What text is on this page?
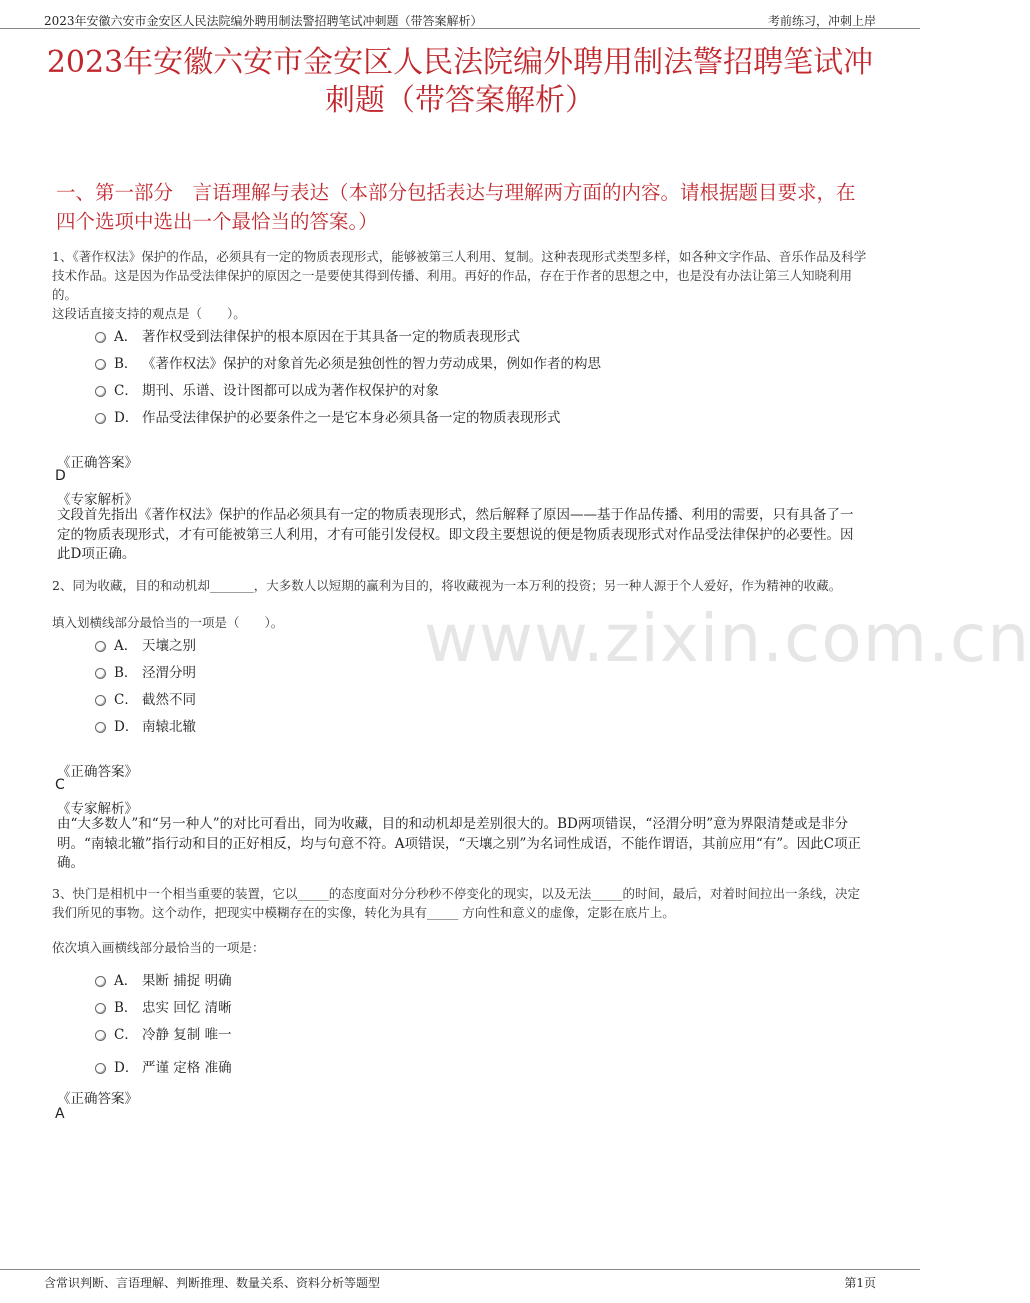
2023年安徽六安市金安区人民法院编外聘用制法警招聘笔试冲刺题（带答案解析）	考前练习，冲刺上岸
2023年安徽六安市金安区人民法院编外聘用制法警招聘笔试冲刺题（带答案解析）
一、第一部分　言语理解与表达（本部分包括表达与理解两方面的内容。请根据题目要求，在四个选项中选出一个最恰当的答案。）
1、《著作权法》保护的作品，必须具有一定的物质表现形式，能够被第三人利用、复制。这种表现形式类型多样，如各种文字作品、音乐作品及科学技术作品。这是因为作品受法律保护的原因之一是要使其得到传播、利用。再好的作品，存在于作者的思想之中，也是没有办法让第三人知晓利用的。
这段话直接支持的观点是（　　）。
A． 著作权受到法律保护的根本原因在于其具备一定的物质表现形式
B． 《著作权法》保护的对象首先必须是独创性的智力劳动成果，例如作者的构思
C． 期刊、乐谱、设计图都可以成为著作权保护的对象
D． 作品受法律保护的必要条件之一是它本身必须具备一定的物质表现形式
《正确答案》
D
《专家解析》
文段首先指出《著作权法》保护的作品必须具有一定的物质表现形式，然后解释了原因——基于作品传播、利用的需要，只有具备了一定的物质表现形式，才有可能被第三人利用，才有可能引发侵权。即文段主要想说的便是物质表现形式对作品受法律保护的必要性。因此D项正确。
2、同为收藏，目的和动机却_______，大多数人以短期的赢利为目的，将收藏视为一本万利的投资；另一种人源于个人爱好，作为精神的收藏。
填入划横线部分最恰当的一项是（　　）。	www.zixin.com.cn
A． 天壤之别
B． 泾渭分明
C． 截然不同
D． 南辕北辙
《正确答案》
C
《专家解析》
由“大多数人”和“另一种人”的对比可看出，同为收藏，目的和动机却是差别很大的。BD两项错误，“泾渭分明”意为界限清楚或是非分明。“南辕北辙”指行动和目的正好相反，均与句意不符。A项错误，“天壤之别”为名词性成语，不能作谓语，其前应用“有”。因此C项正确。
3、快门是相机中一个相当重要的装置，它以_____的态度面对分分秒秒不停变化的现实，以及无法_____的时间，最后，对着时间拉出一条线，决定我们所见的事物。这个动作，把现实中模糊存在的实像，转化为具有_____ 方向性和意义的虚像，定影在底片上。
依次填入画横线部分最恰当的一项是：
A． 果断 捕捉 明确
B． 忠实 回忆 清晰
C． 冷静 复制 唯一
D． 严谨 定格 准确
《正确答案》
A
含常识判断、言语理解、判断推理、数量关系、资料分析等题型	第1页
